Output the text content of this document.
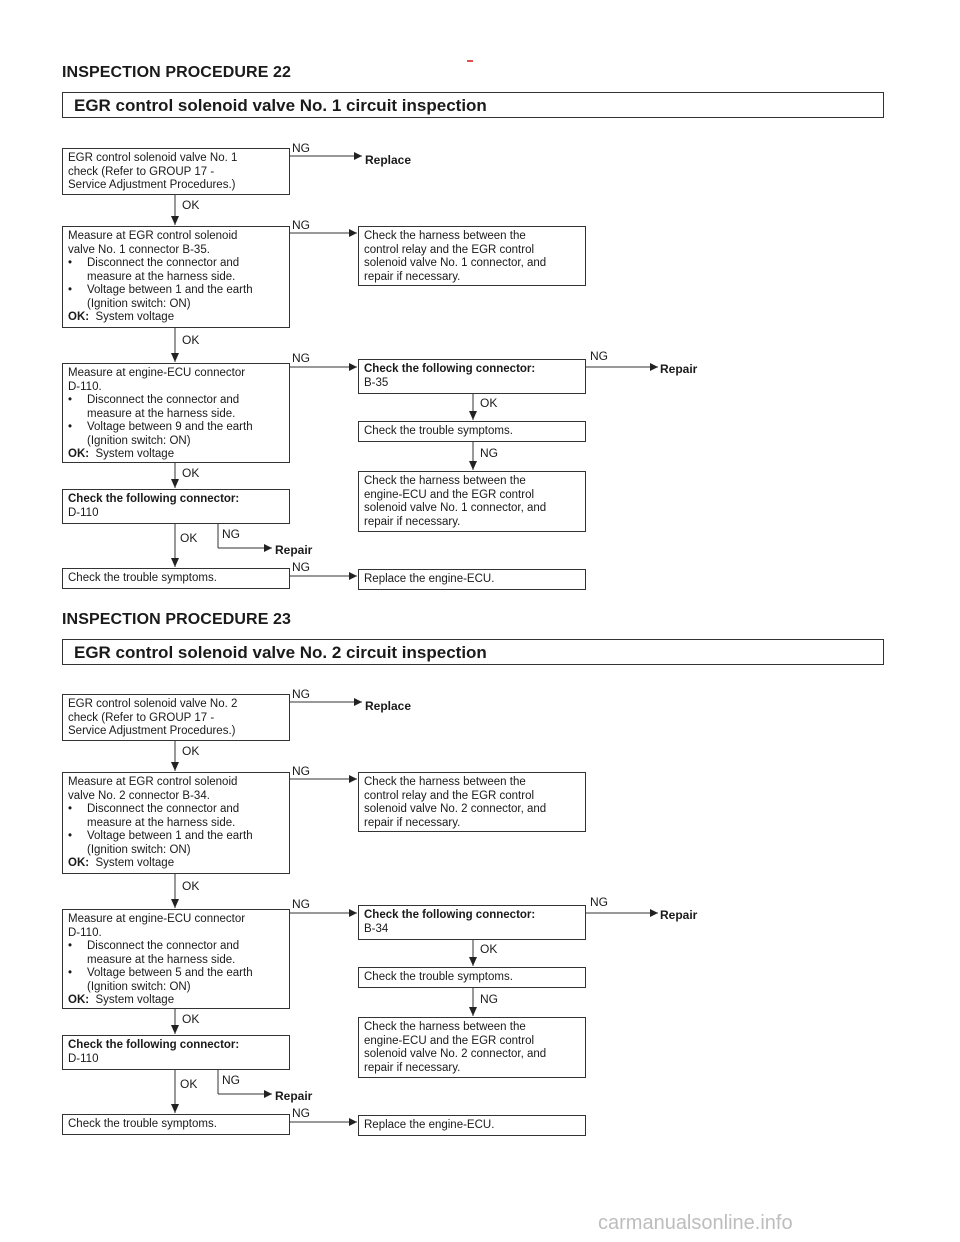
INSPECTION PROCEDURE 22
EGR control solenoid valve No. 1 circuit inspection
EGR control solenoid valve No. 1
check (Refer to GROUP 17 -
Service Adjustment Procedures.)
NG
Replace
OK
Measure at EGR control solenoid
valve No. 1 connector B-35.
• Disconnect the connector and
measure at the harness side.
• Voltage between 1 and the earth
(Ignition switch: ON)
OK: System voltage
NG
Check the harness between the
control relay and the EGR control
solenoid valve No. 1 connector, and
repair if necessary.
OK
Measure at engine-ECU connector
D-110.
• Disconnect the connector and
measure at the harness side.
• Voltage between 9 and the earth
(Ignition switch: ON)
OK: System voltage
NG
Check the following connector:
B-35
NG
Repair
OK
Check the trouble symptoms.
NG
OK
Check the harness between the
engine-ECU and the EGR control
solenoid valve No. 1 connector, and
repair if necessary.
Check the following connector:
D-110
OK NG
Repair
Check the trouble symptoms.
NG
Replace the engine-ECU.
INSPECTION PROCEDURE 23
EGR control solenoid valve No. 2 circuit inspection
EGR control solenoid valve No. 2
check (Refer to GROUP 17 -
Service Adjustment Procedures.)
NG
Replace
OK
Measure at EGR control solenoid
valve No. 2 connector B-34.
• Disconnect the connector and
measure at the harness side.
• Voltage between 1 and the earth
(Ignition switch: ON)
OK: System voltage
NG
Check the harness between the
control relay and the EGR control
solenoid valve No. 2 connector, and
repair if necessary.
OK
Measure at engine-ECU connector
D-110.
• Disconnect the connector and
measure at the harness side.
• Voltage between 5 and the earth
(Ignition switch: ON)
OK: System voltage
NG
Check the following connector:
B-34
NG
Repair
OK
Check the trouble symptoms.
NG
OK
Check the harness between the
engine-ECU and the EGR control
solenoid valve No. 2 connector, and
repair if necessary.
Check the following connector:
D-110
OK NG
Repair
Check the trouble symptoms.
NG
Replace the engine-ECU.
carmanualsonline.info
